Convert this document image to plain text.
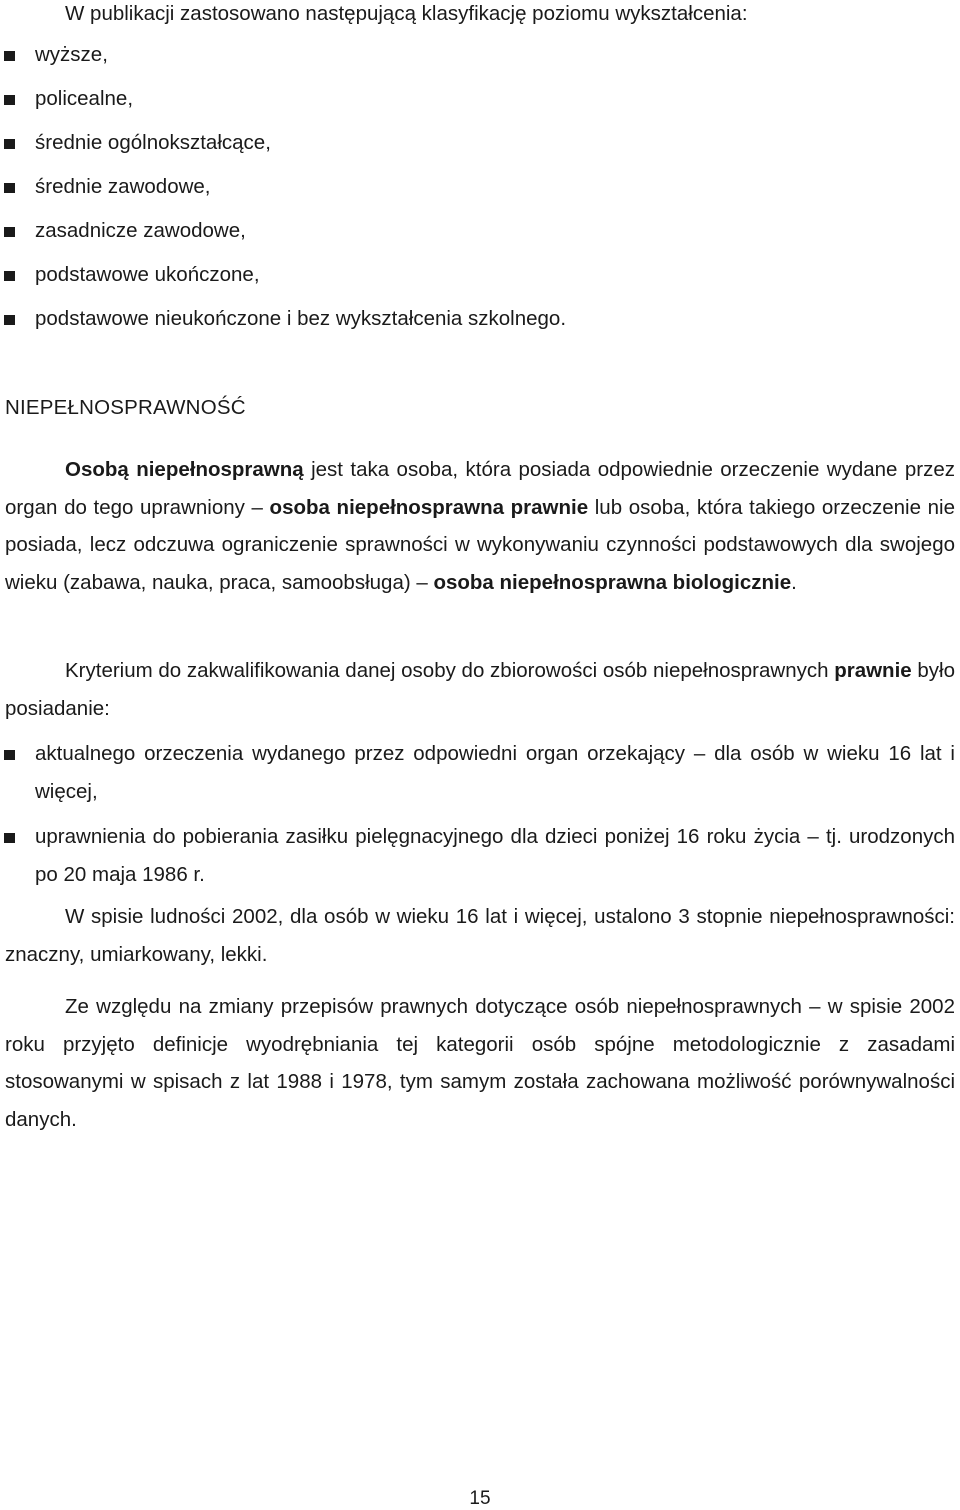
W publikacji zastosowano następującą klasyfikację poziomu wykształcenia:

wyższe,
policealne,
średnie ogólnokształcące,
średnie zawodowe,
zasadnicze zawodowe,
podstawowe ukończone,
podstawowe nieukończone i bez wykształcenia szkolnego.
NIEPEŁNOSPRAWNOŚĆ

Osobą niepełnosprawną jest taka osoba, która posiada odpowiednie orzeczenie wydane przez organ do tego uprawniony – osoba niepełnosprawna prawnie lub osoba, która takiego orzeczenie nie posiada, lecz odczuwa ograniczenie sprawności w wykonywaniu czynności podstawowych dla swojego wieku (zabawa, nauka, praca, samoobsługa) – osoba niepełnosprawna biologicznie.

Kryterium do zakwalifikowania danej osoby do zbiorowości osób niepełnosprawnych prawnie było posiadanie:

aktualnego orzeczenia wydanego przez odpowiedni organ orzekający – dla osób w wieku 16 lat i więcej,
uprawnienia do pobierania zasiłku pielęgnacyjnego dla dzieci poniżej 16 roku życia – tj. urodzonych po 20 maja 1986 r.

W spisie ludności 2002, dla osób w wieku 16 lat i więcej, ustalono 3 stopnie niepełnosprawności: znaczny, umiarkowany, lekki.

Ze względu na zmiany przepisów prawnych dotyczące osób niepełnosprawnych – w spisie 2002 roku przyjęto definicje wyodrębniania tej kategorii osób spójne metodologicznie z zasadami stosowanymi w spisach z lat 1988 i 1978, tym samym została zachowana możliwość porównywalności danych.

15
